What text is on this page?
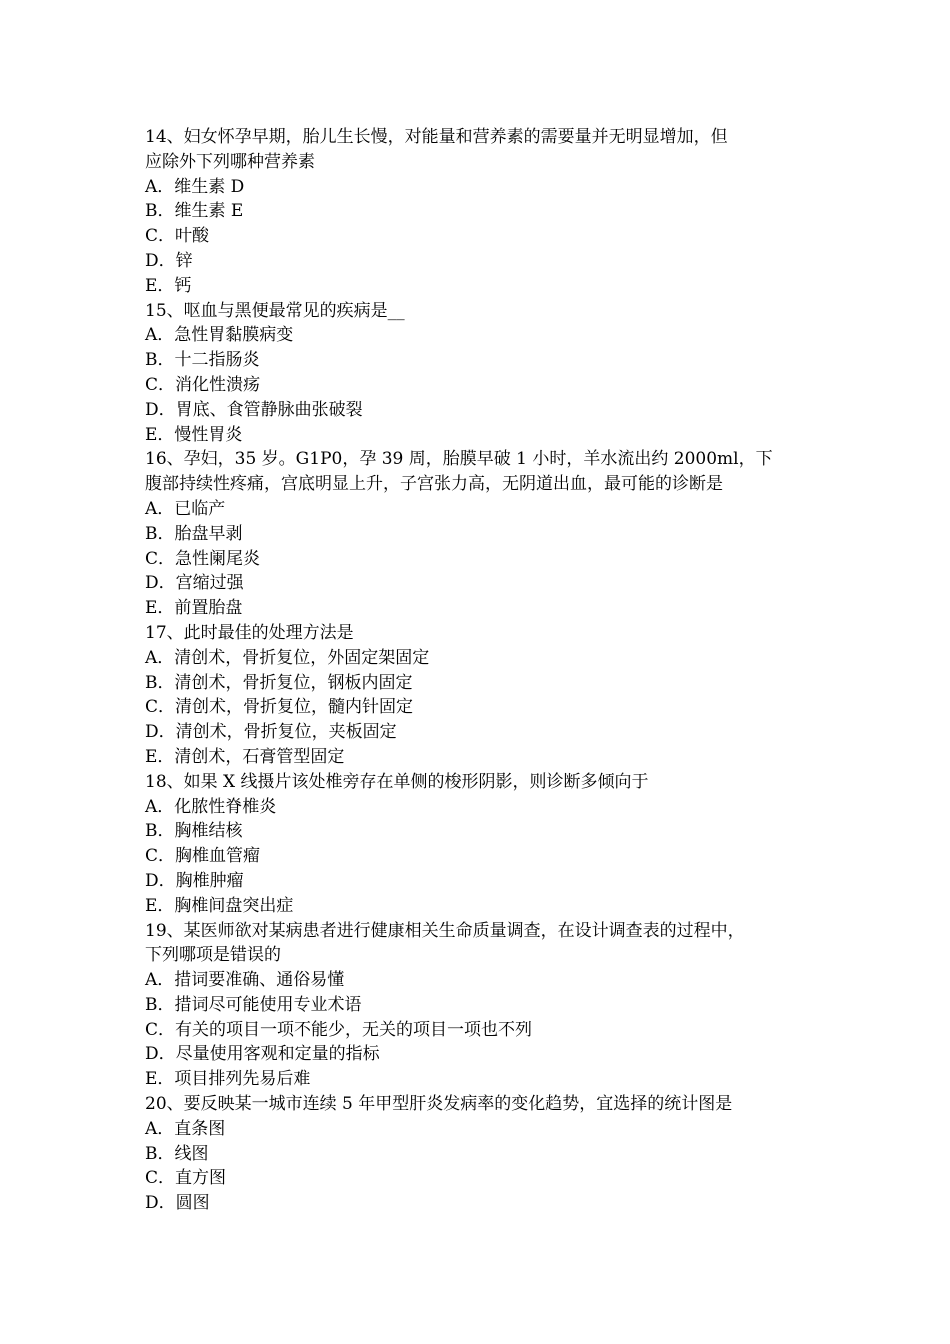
14、妇女怀孕早期，胎儿生长慢，对能量和营养素的需要量并无明显增加，但
应除外下列哪种营养素
A．维生素 D
B．维生素 E
C．叶酸
D．锌
E．钙
15、呕血与黑便最常见的疾病是__
A．急性胃黏膜病变
B．十二指肠炎
C．消化性溃疡
D．胃底、食管静脉曲张破裂
E．慢性胃炎
16、孕妇，35 岁。G1P0，孕 39 周，胎膜早破 1 小时，羊水流出约 2000ml，下
腹部持续性疼痛，宫底明显上升，子宫张力高，无阴道出血，最可能的诊断是
A．已临产
B．胎盘早剥
C．急性阑尾炎
D．宫缩过强
E．前置胎盘
17、此时最佳的处理方法是
A．清创术，骨折复位，外固定架固定
B．清创术，骨折复位，钢板内固定
C．清创术，骨折复位，髓内针固定
D．清创术，骨折复位，夹板固定
E．清创术，石膏管型固定
18、如果 X 线摄片该处椎旁存在单侧的梭形阴影，则诊断多倾向于
A．化脓性脊椎炎
B．胸椎结核
C．胸椎血管瘤
D．胸椎肿瘤
E．胸椎间盘突出症
19、某医师欲对某病患者进行健康相关生命质量调查，在设计调查表的过程中，
下列哪项是错误的
A．措词要准确、通俗易懂
B．措词尽可能使用专业术语
C．有关的项目一项不能少，无关的项目一项也不列
D．尽量使用客观和定量的指标
E．项目排列先易后难
20、要反映某一城市连续 5 年甲型肝炎发病率的变化趋势，宜选择的统计图是
A．直条图
B．线图
C．直方图
D．圆图
